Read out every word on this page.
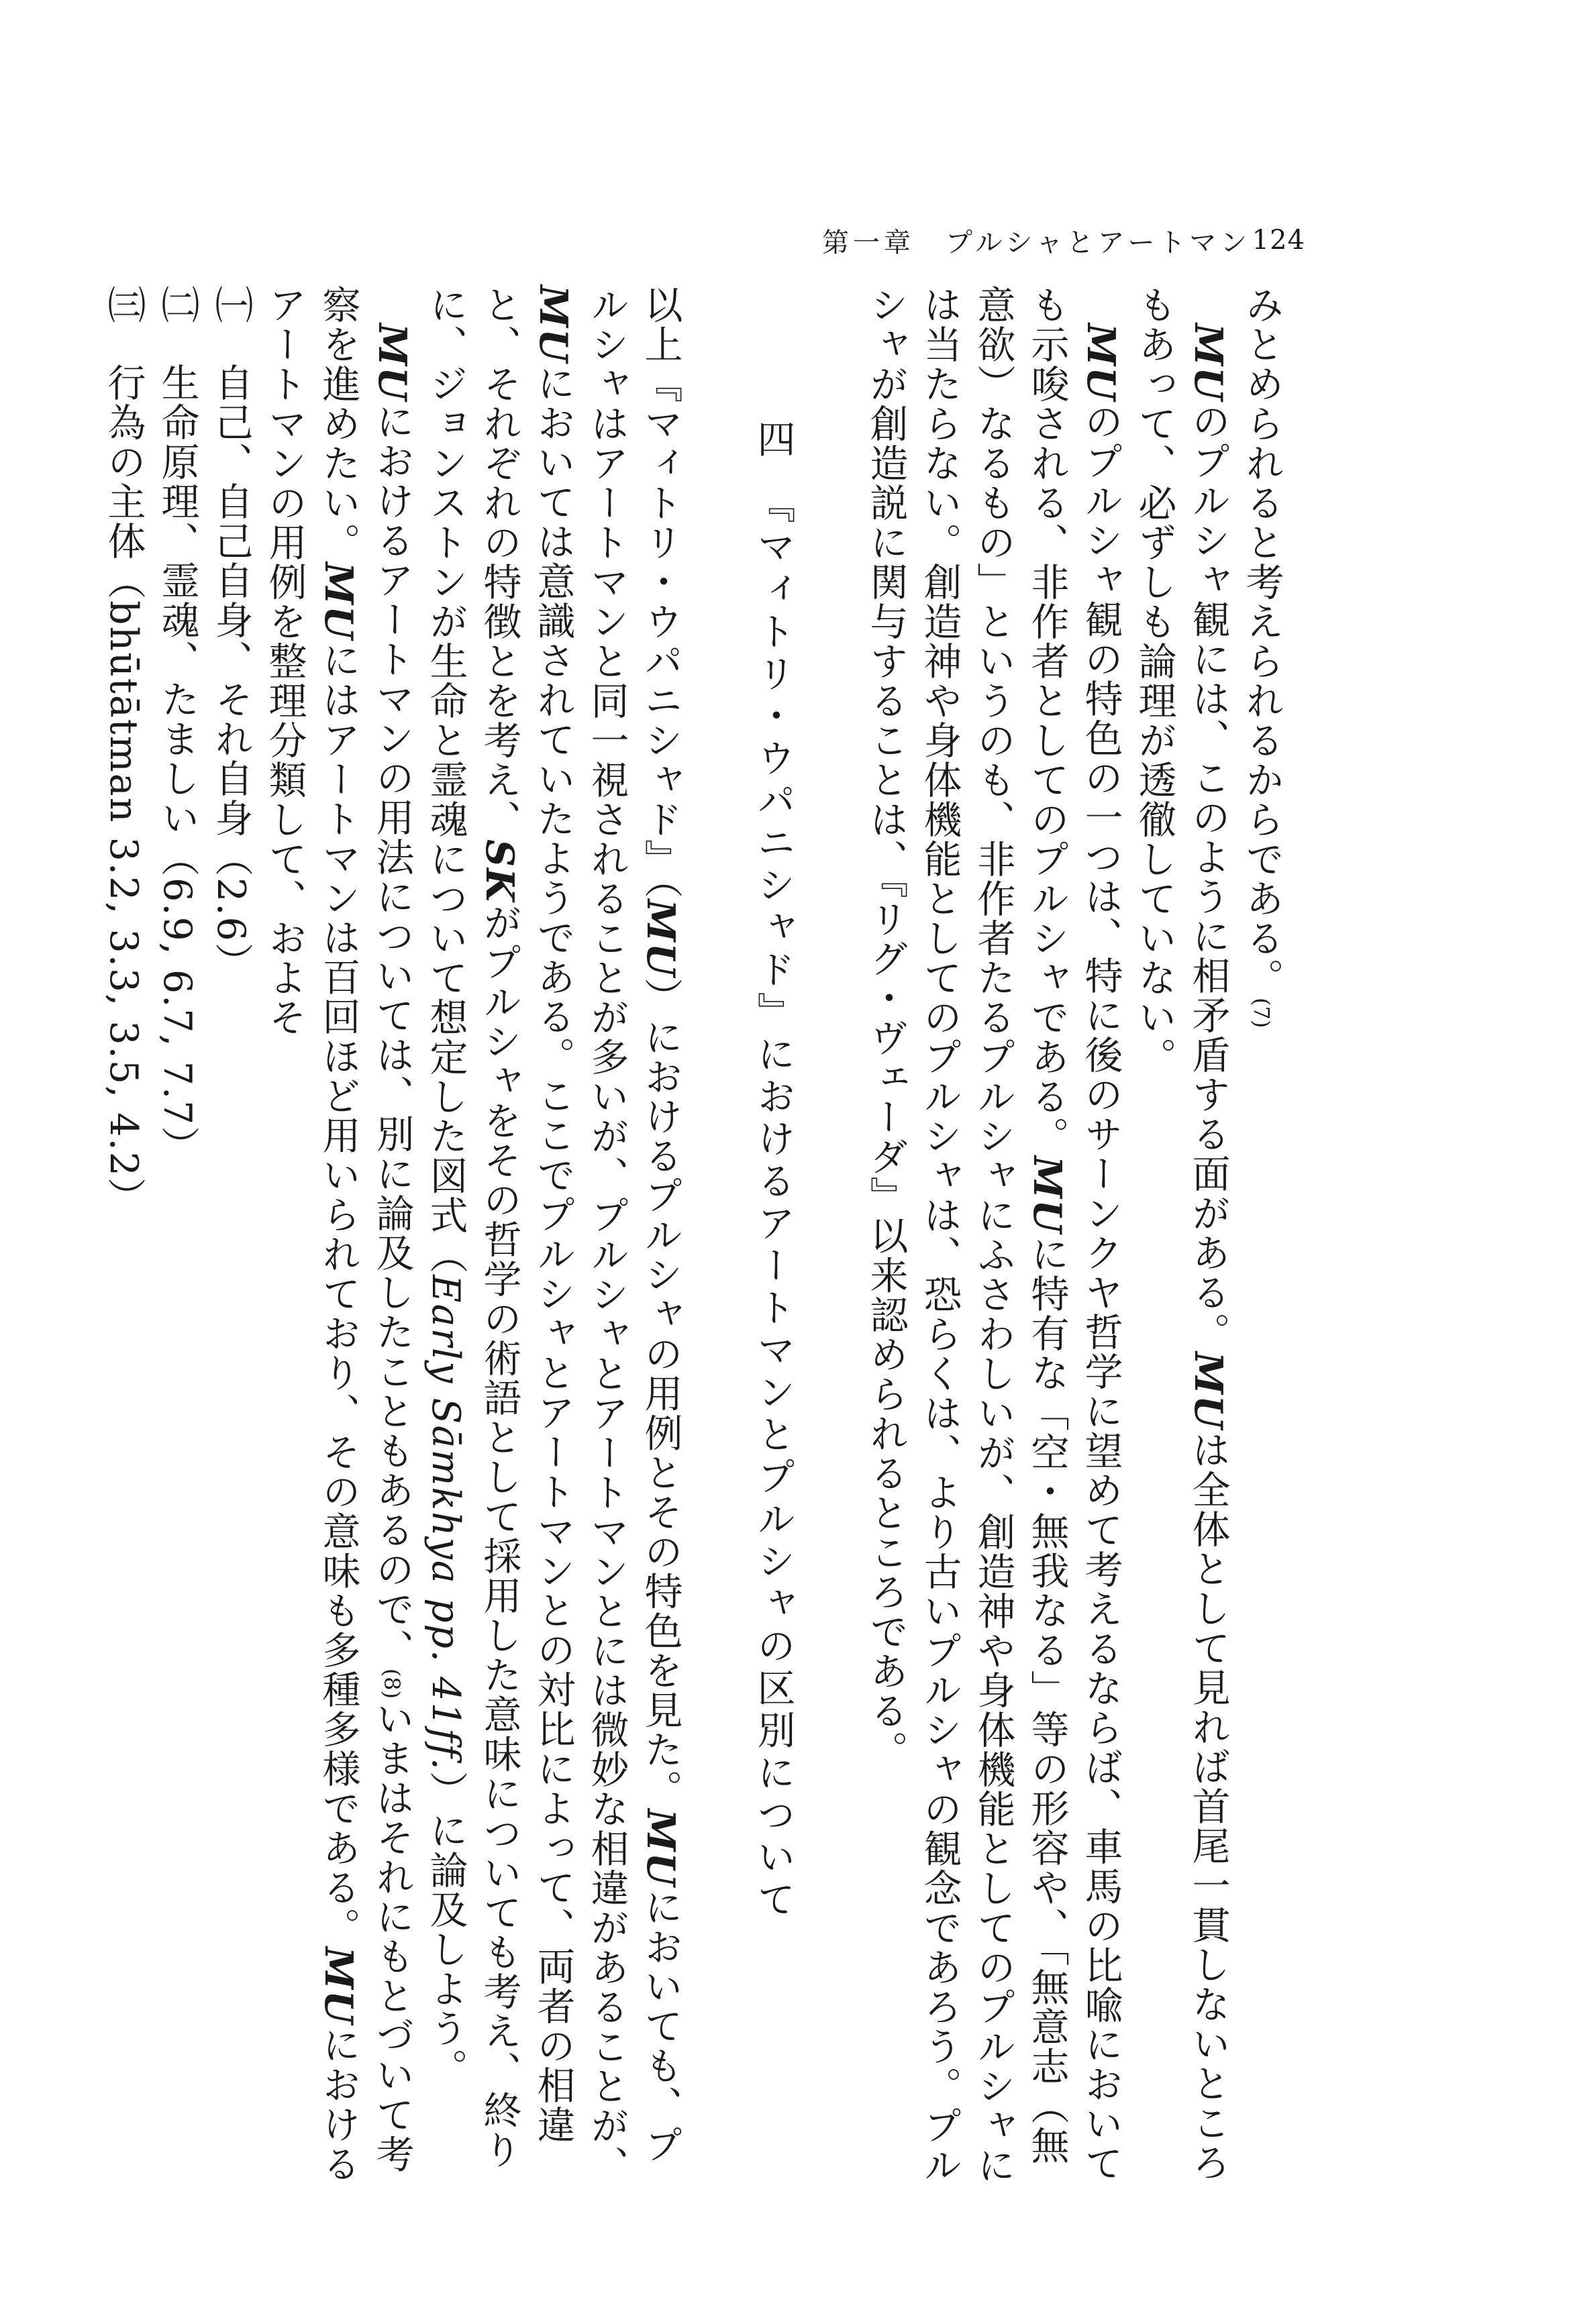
第一章　プルシャとアートマン 124

みとめられると考えられるからである。(7)

MUのプルシャ観には、このように相矛盾する面がある。MUは全体として見れば首尾一貫しないところもあって、必ずしも論理が透徹していない。

MUのプルシャ観の特色の一つは、特に後のサーンクヤ哲学に望めて考えるならば、車馬の比喩においても示唆される、非作者としてのプルシャである。MUに特有な「空・無我なる」等の形容や、「無意志（無意欲）なるもの」というのも、非作者たるプルシャにふさわしいが、創造神や身体機能としてのプルシャには当たらない。創造神や身体機能としてのプルシャは、恐らくは、より古いプルシャの観念であろう。プルシャが創造説に関与することは、『リグ・ヴェーダ』以来認められるところである。

四　『マィトリ・ウパニシャド』におけるアートマンとプルシャの区別について

以上『マィトリ・ウパニシャド』（MU）におけるプルシャの用例とその特色を見た。MUにおいても、プルシャはアートマンと同一視されることが多いが、プルシャとアートマンとには微妙な相違があることが、MUにおいては意識されていたようである。ここでプルシャとアートマンとの対比によって、両者の相違と、それぞれの特徴とを考え、SKがプルシャをその哲学の術語として採用した意味についても考え、終りに、ジョンストンが生命と霊魂について想定した図式（Early Sāmkhya pp. 41ff.）に論及しよう。

MUにおけるアートマンの用法については、別に論及したこともあるので、(8)いまはそれにもとづいて考察を進めたい。MUにはアートマンは百回ほど用いられており、その意味も多種多様である。MUにおけるアートマンの用例を整理分類して、およそ

㈠　自己、自己自身、それ自身（2.6）

㈡　生命原理、霊魂、たましい（6.9, 6.7, 7.7）

㈢　行為の主体（bhūtātman 3.2, 3.3, 3.5, 4.2）
